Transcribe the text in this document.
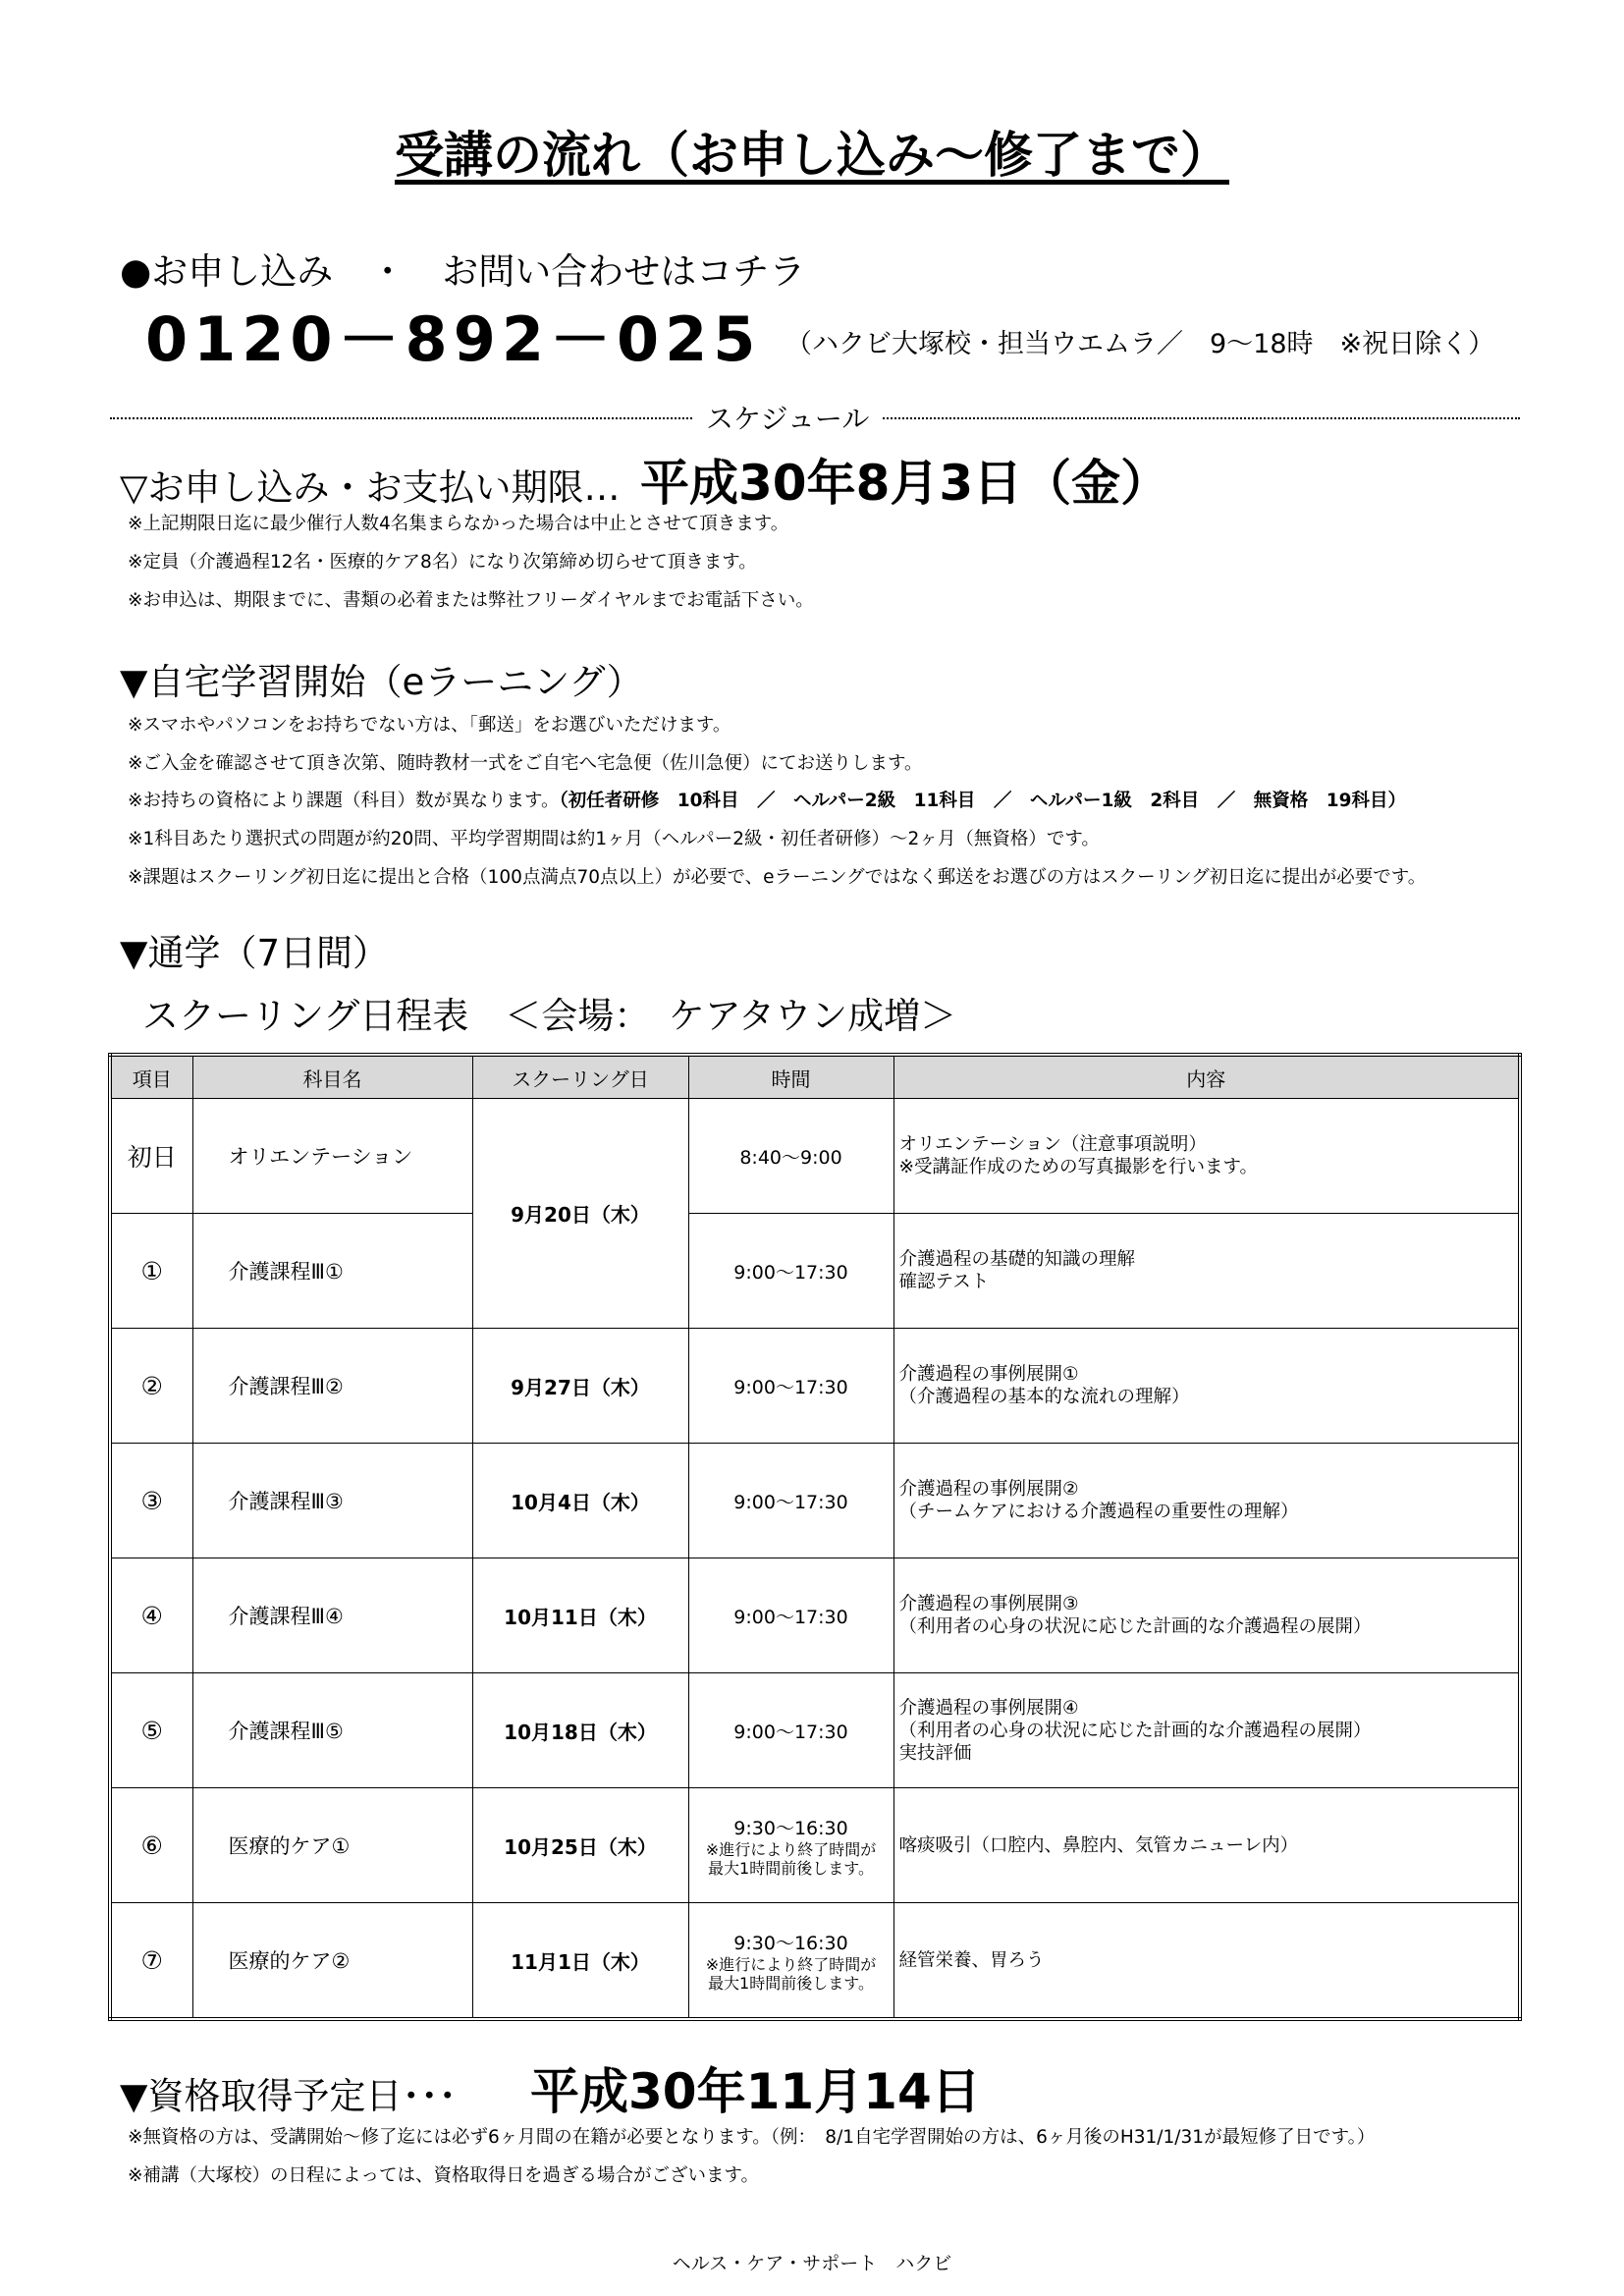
受講の流れ（お申し込み～修了まで）
●お申し込み　・　お問い合わせはコチラ
0120－892－025 （ハクビ大塚校・担当ウエムラ／　9～18時　※祝日除く）
スケジュール
▽お申し込み・お支払い期限… 平成30年8月3日（金）
※上記期限日迄に最少催行人数4名集まらなかった場合は中止とさせて頂きます。
※定員（介護過程12名・医療的ケア8名）になり次第締め切らせて頂きます。
※お申込は、期限までに、書類の必着または弊社フリーダイヤルまでお電話下さい。
▼自宅学習開始（eラーニング）
※スマホやパソコンをお持ちでない方は、「郵送」をお選びいただけます。
※ご入金を確認させて頂き次第、随時教材一式をご自宅へ宅急便（佐川急便）にてお送りします。
※お持ちの資格により課題（科目）数が異なります。（初任者研修　10科目　／　ヘルパー2級　11科目　／　ヘルパー1級　2科目　／　無資格　19科目）
※1科目あたり選択式の問題が約20問、平均学習期間は約1ヶ月（ヘルパー2級・初任者研修）～2ヶ月（無資格）です。
※課題はスクーリング初日迄に提出と合格（100点満点70点以上）が必要で、eラーニングではなく郵送をお選びの方はスクーリング初日迄に提出が必要です。
▼通学（7日間）
スクーリング日程表　＜会場：　ケアタウン成増＞
項目	科目名	スクーリング日	時間	内容
初日	オリエンテーション	9月20日（木）	8:40～9:00	オリエンテーション（注意事項説明）
※受講証作成のための写真撮影を行います。

①	介護課程Ⅲ①		9:00～17:30	介護過程の基礎的知識の理解
確認テスト

②	介護課程Ⅲ②	9月27日（木）	9:00～17:30	介護過程の事例展開①
（介護過程の基本的な流れの理解）

③	介護課程Ⅲ③	10月4日（木）	9:00～17:30	介護過程の事例展開②
（チームケアにおける介護過程の重要性の理解）

④	介護課程Ⅲ④	10月11日（木）	9:00～17:30	介護過程の事例展開③
（利用者の心身の状況に応じた計画的な介護過程の展開）

⑤	介護課程Ⅲ⑤	10月18日（木）	9:00～17:30	介護過程の事例展開④
（利用者の心身の状況に応じた計画的な介護過程の展開）
実技評価

⑥	医療的ケア①	10月25日（木）	9:30～16:30
※進行により終了時間が
最大1時間前後します。	喀痰吸引（口腔内、鼻腔内、気管カニューレ内）

⑦	医療的ケア②	11月1日（木）	9:30～16:30
※進行により終了時間が
最大1時間前後します。	経管栄養、胃ろう
▼資格取得予定日･･･ 平成30年11月14日
※無資格の方は、受講開始～修了迄には必ず6ヶ月間の在籍が必要となります。（例：　8/1自宅学習開始の方は、6ヶ月後のH31/1/31が最短修了日です。）
※補講（大塚校）の日程によっては、資格取得日を過ぎる場合がございます。
ヘルス・ケア・サポート　ハクビ
